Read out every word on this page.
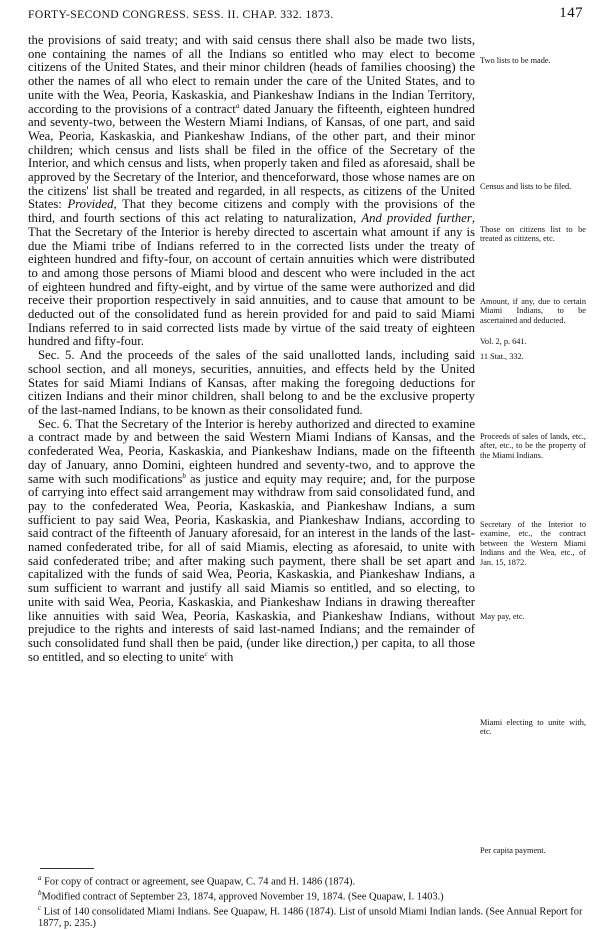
FORTY-SECOND CONGRESS. SESS. II. CHAP. 332. 1873.	147

the provisions of said treaty; and with said census there shall also be made two lists, one containing the names of all the Indians so entitled who may elect to become citizens of the United States, and their minor children (heads of families choosing) the other the names of all who elect to remain under the care of the United States, and to unite with the Wea, Peoria, Kaskaskia, and Piankeshaw Indians in the Indian Territory, according to the provisions of a contract$^a$ dated January the fifteenth, eighteen hundred and seventy-two, between the Western Miami Indians, of Kansas, of one part, and said Wea, Peoria, Kaskaskia, and Piankeshaw Indians, of the other part, and their minor children; which census and lists shall be filed in the office of the Secretary of the Interior, and which census and lists, when properly taken and filed as aforesaid, shall be approved by the Secretary of the Interior, and thenceforward, those whose names are on the citizens' list shall be treated and regarded, in all respects, as citizens of the United States: Provided, That they become citizens and comply with the provisions of the third, and fourth sections of this act relating to naturalization, And provided further, That the Secretary of the Interior is hereby directed to ascertain what amount if any is due the Miami tribe of Indians referred to in the corrected lists under the treaty of eighteen hundred and fifty-four, on account of certain annuities which were distributed to and among those persons of Miami blood and descent who were included in the act of eighteen hundred and fifty-eight, and by virtue of the same were authorized and did receive their proportion respectively in said annuities, and to cause that amount to be deducted out of the consolidated fund as herein provided for and paid to said Miami Indians referred to in said corrected lists made by virtue of the said treaty of eighteen hundred and fifty-four.

Sec. 5. And the proceeds of the sales of the said unallotted lands, including said school section, and all moneys, securities, annuities, and effects held by the United States for said Miami Indians of Kansas, after making the foregoing deductions for citizen Indians and their minor children, shall belong to and be the exclusive property of the last-named Indians, to be known as their consolidated fund.

Sec. 6. That the Secretary of the Interior is hereby authorized and directed to examine a contract made by and between the said Western Miami Indians of Kansas, and the confederated Wea, Peoria, Kaskaskia, and Piankeshaw Indians, made on the fifteenth day of January, anno Domini, eighteen hundred and seventy-two, and to approve the same with such modifications$^b$ as justice and equity may require; and, for the purpose of carrying into effect said arrangement may withdraw from said consolidated fund, and pay to the confederated Wea, Peoria, Kaskaskia, and Piankeshaw Indians, a sum sufficient to pay said Wea, Peoria, Kaskaskia, and Piankeshaw Indians, according to said contract of the fifteenth of January aforesaid, for an interest in the lands of the last-named confederated tribe, for all of said Miamis, electing as aforesaid, to unite with said confederated tribe; and after making such payment, there shall be set apart and capitalized with the funds of said Wea, Peoria, Kaskaskia, and Piankeshaw Indians, a sum sufficient to warrant and justify all said Miamis so entitled, and so electing, to unite with said Wea, Peoria, Kaskaskia, and Piankeshaw Indians in drawing thereafter like annuities with said Wea, Peoria, Kaskaskia, and Piankeshaw Indians, without prejudice to the rights and interests of said last-named Indians; and the remainder of such consolidated fund shall then be paid, (under like direction,) per capita, to all those so entitled, and so electing to unite$^c$ with

Two lists to be made.
Census and lists to be filed.
Those on citizens list to be treated as citizens, etc.
Amount, if any, due to certain Miami Indians, to be ascertained and deducted.
Vol. 2, p. 641.
11 Stat., 332.
Proceeds of sales of lands, etc., after, etc., to be the property of the Miami Indians.
Secretary of the Interior to examine, etc., the contract between the Western Miami Indians and the Wea, etc., of Jan. 15, 1872.
May pay, etc.
Miami electing to unite with, etc.
Per capita payment.
$^a$ For copy of contract or agreement, see Quapaw, C. 74 and H. 1486 (1874).
$^b$Modified contract of September 23, 1874, approved November 19, 1874. (See Quapaw, I. 1403.)
$^c$ List of 140 consolidated Miami Indians. See Quapaw, H. 1486 (1874). List of unsold Miami Indian lands. (See Annual Report for 1877, p. 235.)
